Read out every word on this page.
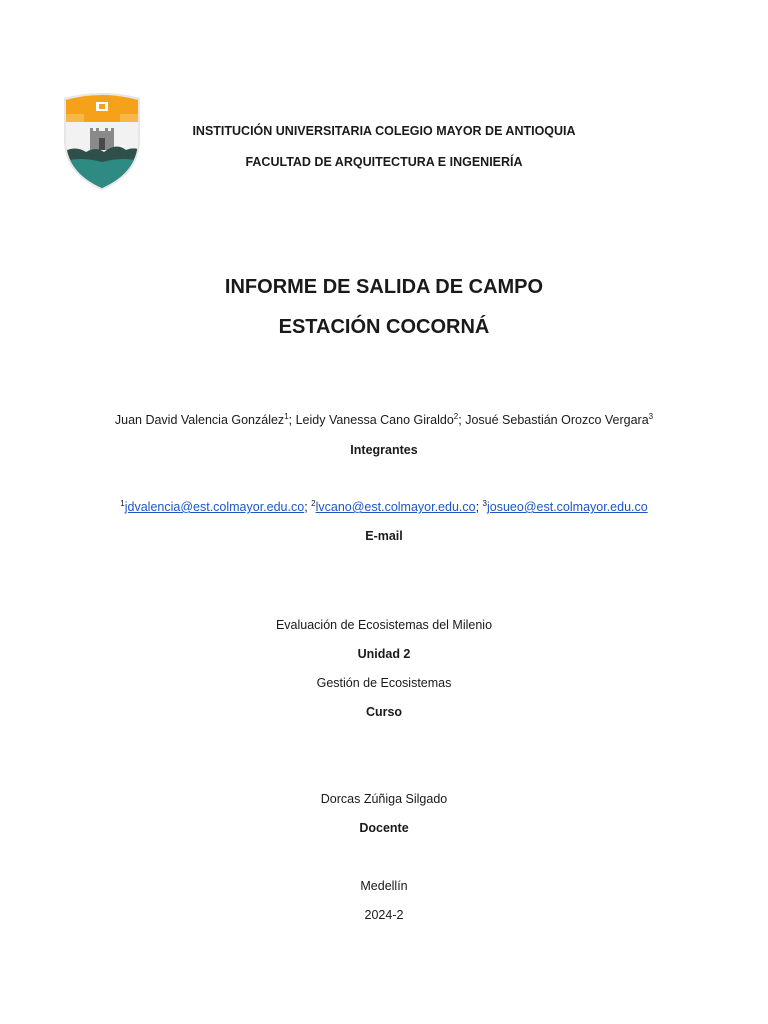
INSTITUCIÓN UNIVERSITARIA COLEGIO MAYOR DE ANTIOQUIA
FACULTAD DE ARQUITECTURA E INGENIERÍA
INFORME DE SALIDA DE CAMPO
ESTACIÓN COCORNÁ
Juan David Valencia González$^1$; Leidy Vanessa Cano Giraldo$^2$; Josué Sebastián Orozco Vergara$^3$
Integrantes
$^1$jdvalencia@est.colmayor.edu.co; $^2$lvcano@est.colmayor.edu.co; $^3$josueo@est.colmayor.edu.co
E-mail
Evaluación de Ecosistemas del Milenio
Unidad 2
Gestión de Ecosistemas
Curso
Dorcas Zúñiga Silgado
Docente
Medellín
2024-2
